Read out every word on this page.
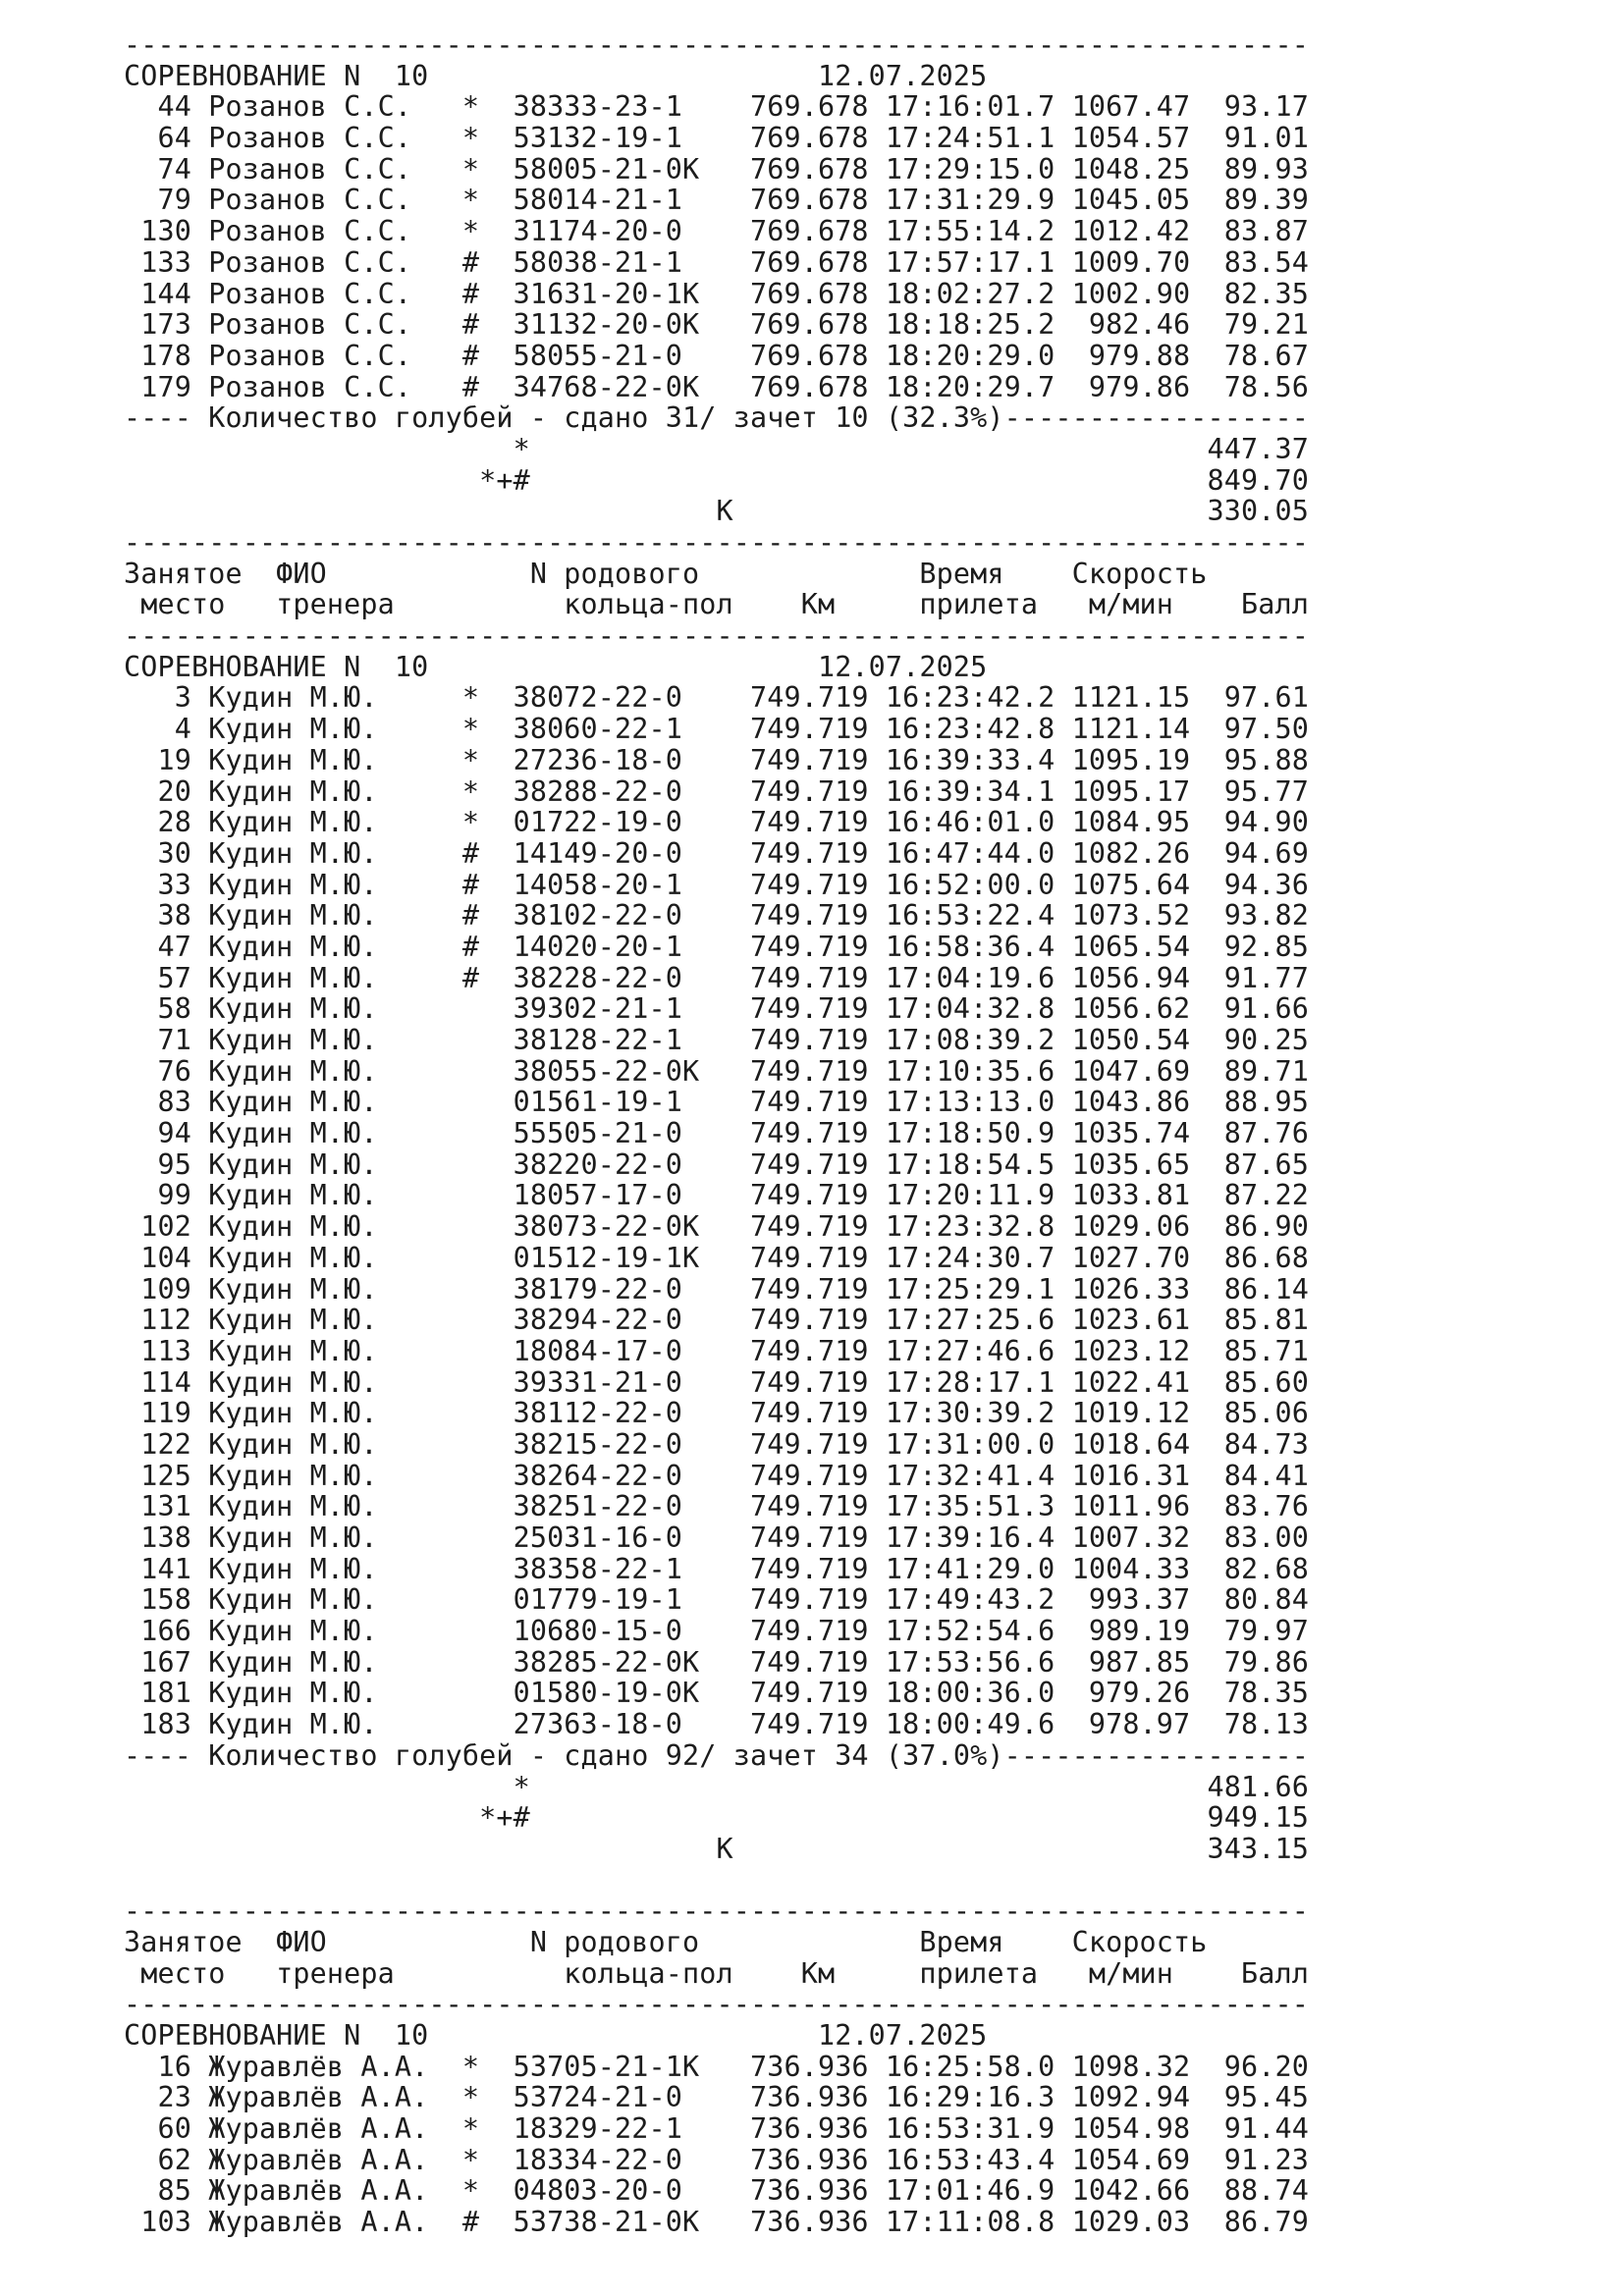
----------------------------------------------------------------------
СОРЕВНОВАНИЕ N  10                       12.07.2025
44 Розанов С.С.   *  38333-23-1    769.678 17:16:01.7 1067.47  93.17
64 Розанов С.С.   *  53132-19-1    769.678 17:24:51.1 1054.57  91.01
74 Розанов С.С.   *  58005-21-0К   769.678 17:29:15.0 1048.25  89.93
79 Розанов С.С.   *  58014-21-1    769.678 17:31:29.9 1045.05  89.39
130 Розанов С.С.   *  31174-20-0    769.678 17:55:14.2 1012.42  83.87
133 Розанов С.С.   #  58038-21-1    769.678 17:57:17.1 1009.70  83.54
144 Розанов С.С.   #  31631-20-1К   769.678 18:02:27.2 1002.90  82.35
173 Розанов С.С.   #  31132-20-0К   769.678 18:18:25.2  982.46  79.21
178 Розанов С.С.   #  58055-21-0    769.678 18:20:29.0  979.88  78.67
179 Розанов С.С.   #  34768-22-0К   769.678 18:20:29.7  979.86  78.56
---- Количество голубей - сдано 31/ зачет 10 (32.3%)------------------
*                                        447.37
*+#                                        849.70
К                            330.05
----------------------------------------------------------------------
Занятое  ФИО            N родового             Время    Скорость
место   тренера          кольца-пол    Км     прилета   м/мин    Балл
----------------------------------------------------------------------
СОРЕВНОВАНИЕ N  10                       12.07.2025
3 Кудин М.Ю.     *  38072-22-0    749.719 16:23:42.2 1121.15  97.61
4 Кудин М.Ю.     *  38060-22-1    749.719 16:23:42.8 1121.14  97.50
19 Кудин М.Ю.     *  27236-18-0    749.719 16:39:33.4 1095.19  95.88
20 Кудин М.Ю.     *  38288-22-0    749.719 16:39:34.1 1095.17  95.77
28 Кудин М.Ю.     *  01722-19-0    749.719 16:46:01.0 1084.95  94.90
30 Кудин М.Ю.     #  14149-20-0    749.719 16:47:44.0 1082.26  94.69
33 Кудин М.Ю.     #  14058-20-1    749.719 16:52:00.0 1075.64  94.36
38 Кудин М.Ю.     #  38102-22-0    749.719 16:53:22.4 1073.52  93.82
47 Кудин М.Ю.     #  14020-20-1    749.719 16:58:36.4 1065.54  92.85
57 Кудин М.Ю.     #  38228-22-0    749.719 17:04:19.6 1056.94  91.77
58 Кудин М.Ю.        39302-21-1    749.719 17:04:32.8 1056.62  91.66
71 Кудин М.Ю.        38128-22-1    749.719 17:08:39.2 1050.54  90.25
76 Кудин М.Ю.        38055-22-0К   749.719 17:10:35.6 1047.69  89.71
83 Кудин М.Ю.        01561-19-1    749.719 17:13:13.0 1043.86  88.95
94 Кудин М.Ю.        55505-21-0    749.719 17:18:50.9 1035.74  87.76
95 Кудин М.Ю.        38220-22-0    749.719 17:18:54.5 1035.65  87.65
99 Кудин М.Ю.        18057-17-0    749.719 17:20:11.9 1033.81  87.22
102 Кудин М.Ю.        38073-22-0К   749.719 17:23:32.8 1029.06  86.90
104 Кудин М.Ю.        01512-19-1К   749.719 17:24:30.7 1027.70  86.68
109 Кудин М.Ю.        38179-22-0    749.719 17:25:29.1 1026.33  86.14
112 Кудин М.Ю.        38294-22-0    749.719 17:27:25.6 1023.61  85.81
113 Кудин М.Ю.        18084-17-0    749.719 17:27:46.6 1023.12  85.71
114 Кудин М.Ю.        39331-21-0    749.719 17:28:17.1 1022.41  85.60
119 Кудин М.Ю.        38112-22-0    749.719 17:30:39.2 1019.12  85.06
122 Кудин М.Ю.        38215-22-0    749.719 17:31:00.0 1018.64  84.73
125 Кудин М.Ю.        38264-22-0    749.719 17:32:41.4 1016.31  84.41
131 Кудин М.Ю.        38251-22-0    749.719 17:35:51.3 1011.96  83.76
138 Кудин М.Ю.        25031-16-0    749.719 17:39:16.4 1007.32  83.00
141 Кудин М.Ю.        38358-22-1    749.719 17:41:29.0 1004.33  82.68
158 Кудин М.Ю.        01779-19-1    749.719 17:49:43.2  993.37  80.84
166 Кудин М.Ю.        10680-15-0    749.719 17:52:54.6  989.19  79.97
167 Кудин М.Ю.        38285-22-0К   749.719 17:53:56.6  987.85  79.86
181 Кудин М.Ю.        01580-19-0К   749.719 18:00:36.0  979.26  78.35
183 Кудин М.Ю.        27363-18-0    749.719 18:00:49.6  978.97  78.13
---- Количество голубей - сдано 92/ зачет 34 (37.0%)------------------
*                                        481.66
*+#                                        949.15
К                            343.15

----------------------------------------------------------------------
Занятое  ФИО            N родового             Время    Скорость
место   тренера          кольца-пол    Км     прилета   м/мин    Балл
----------------------------------------------------------------------
СОРЕВНОВАНИЕ N  10                       12.07.2025
16 Журавлёв А.А.  *  53705-21-1К   736.936 16:25:58.0 1098.32  96.20
23 Журавлёв А.А.  *  53724-21-0    736.936 16:29:16.3 1092.94  95.45
60 Журавлёв А.А.  *  18329-22-1    736.936 16:53:31.9 1054.98  91.44
62 Журавлёв А.А.  *  18334-22-0    736.936 16:53:43.4 1054.69  91.23
85 Журавлёв А.А.  *  04803-20-0    736.936 17:01:46.9 1042.66  88.74
103 Журавлёв А.А.  #  53738-21-0К   736.936 17:11:08.8 1029.03  86.79
